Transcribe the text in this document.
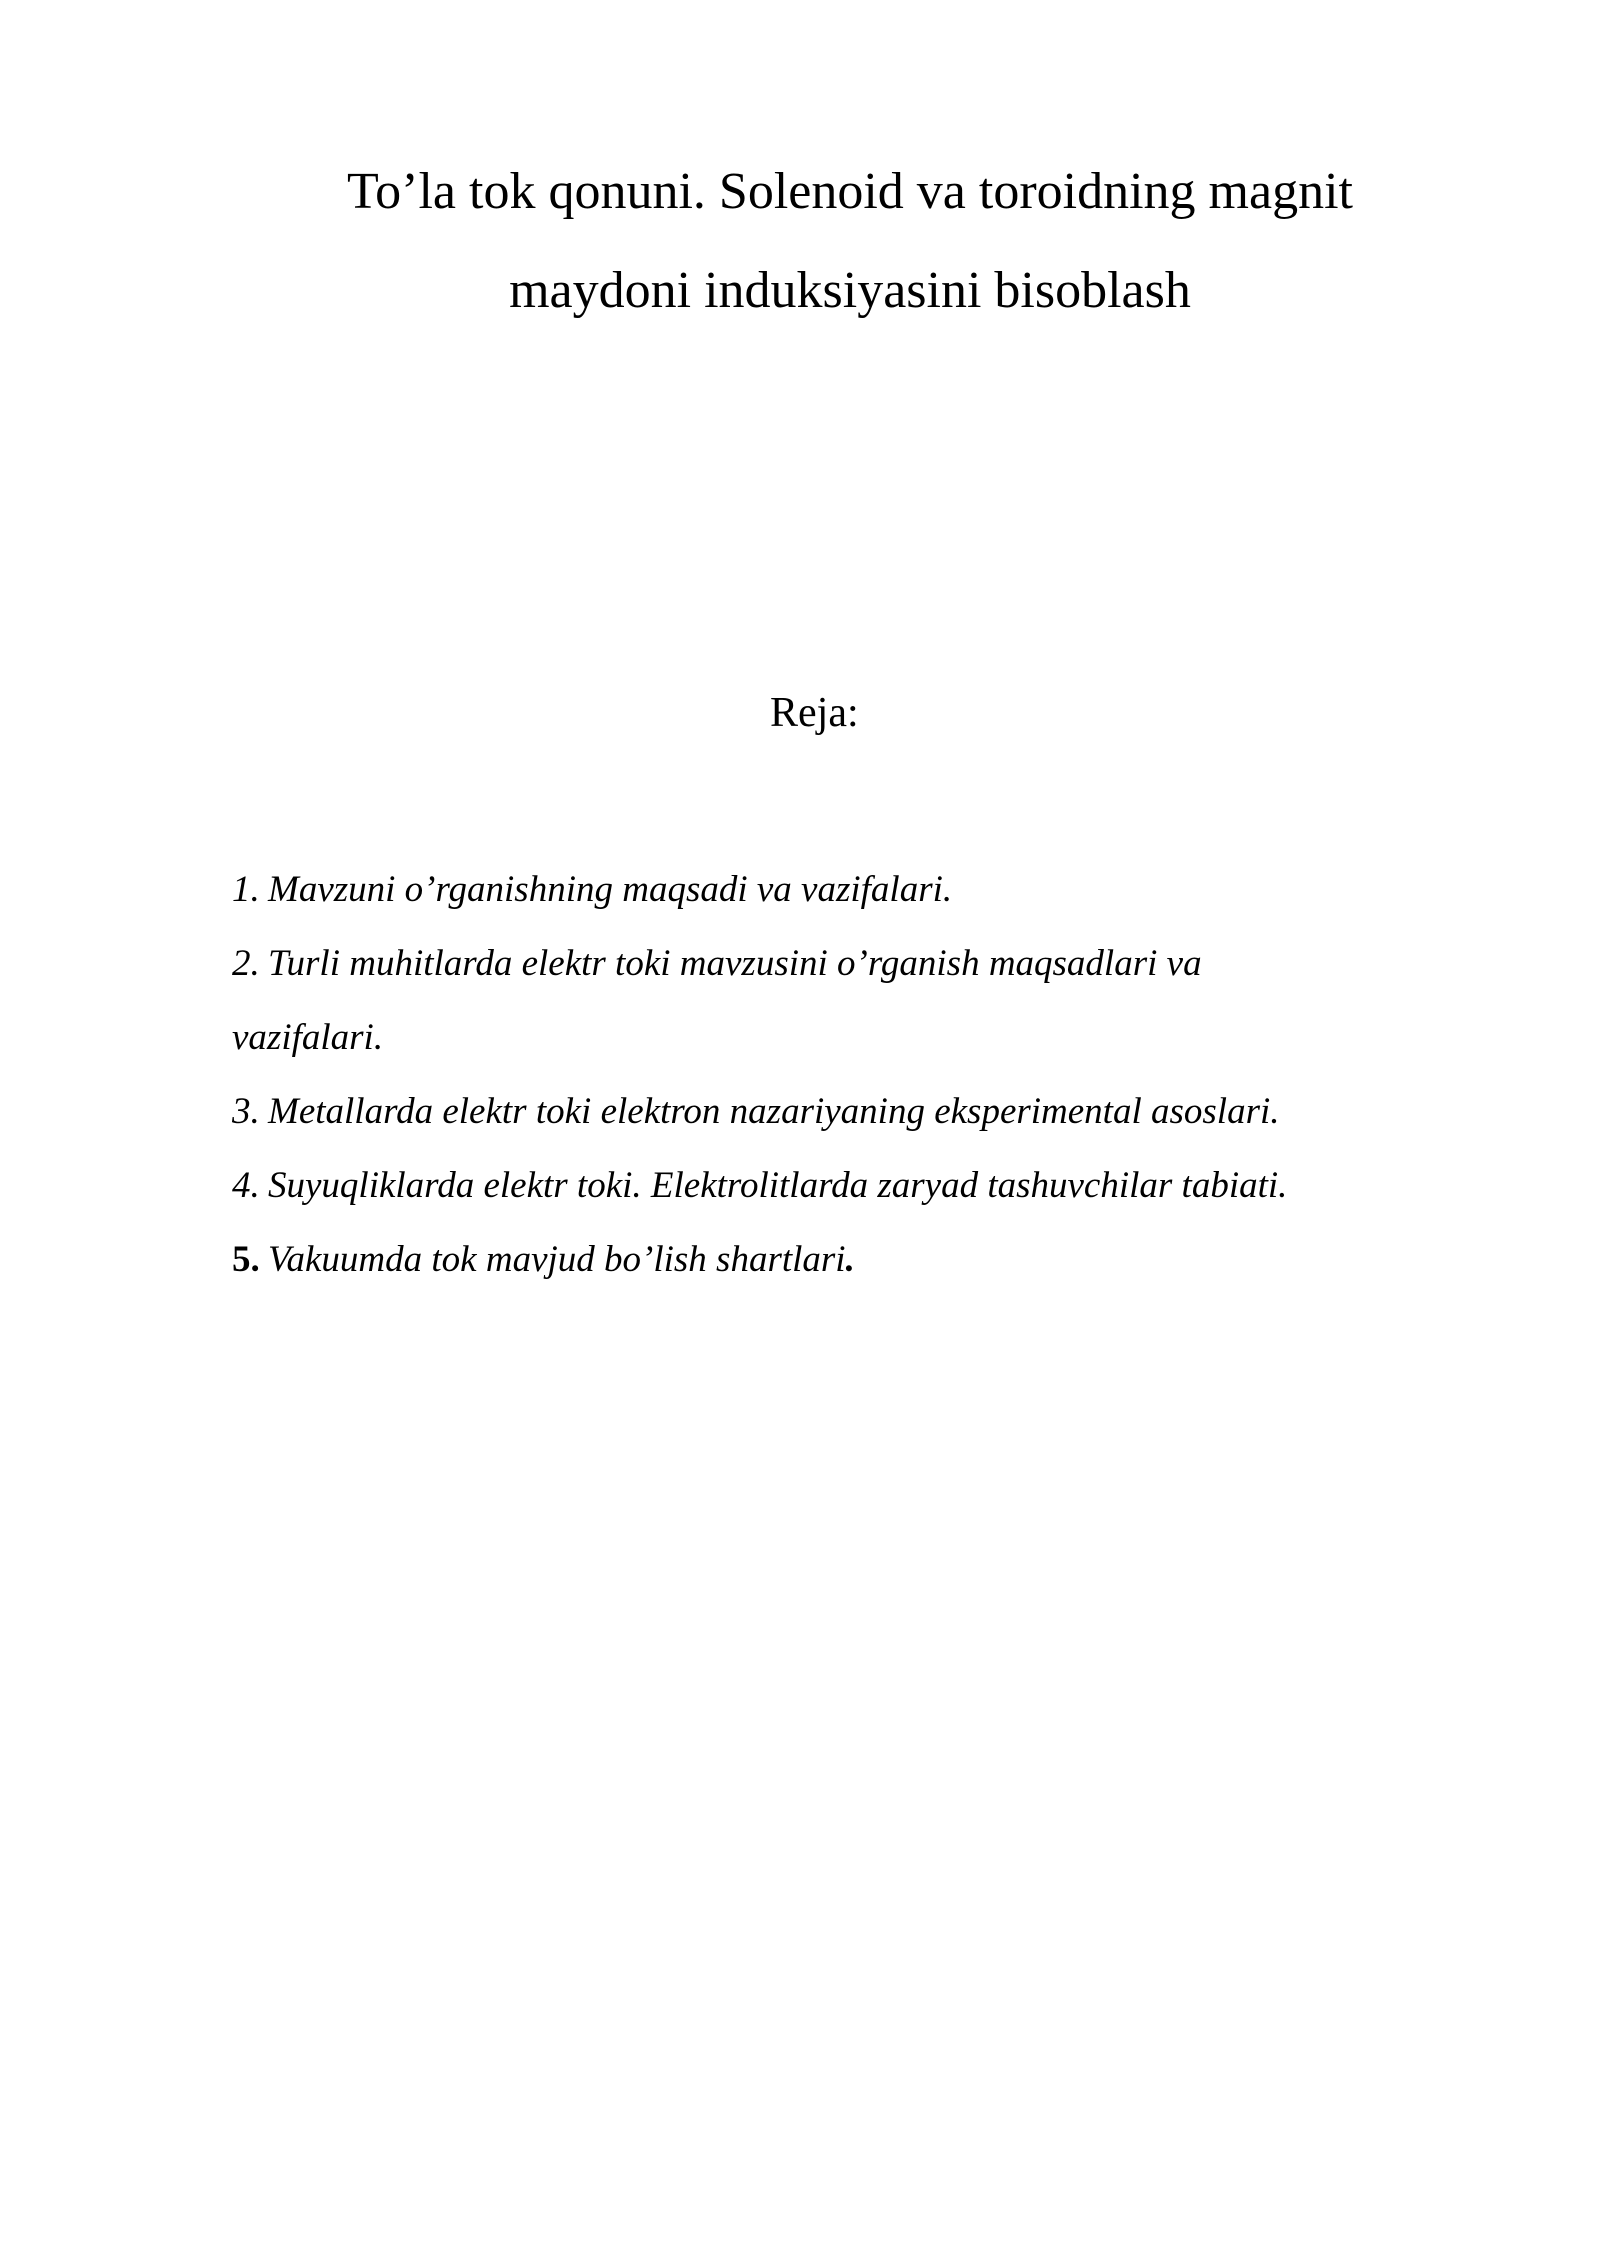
To’la tok qonuni. Solenoid va toroidning magnit
maydoni induksiyasini bisoblash
Reja:
1. Mavzuni o’rganishning maqsadi va vazifalari.
2. Turli muhitlarda elektr toki mavzusini o’rganish maqsadlari va
vazifalari.
3. Metallarda elektr toki elektron nazariyaning eksperimental asoslari.
4. Suyuqliklarda elektr toki. Elektrolitlarda zaryad tashuvchilar tabiati.
5. Vakuumda tok mavjud bo’lish shartlari.
